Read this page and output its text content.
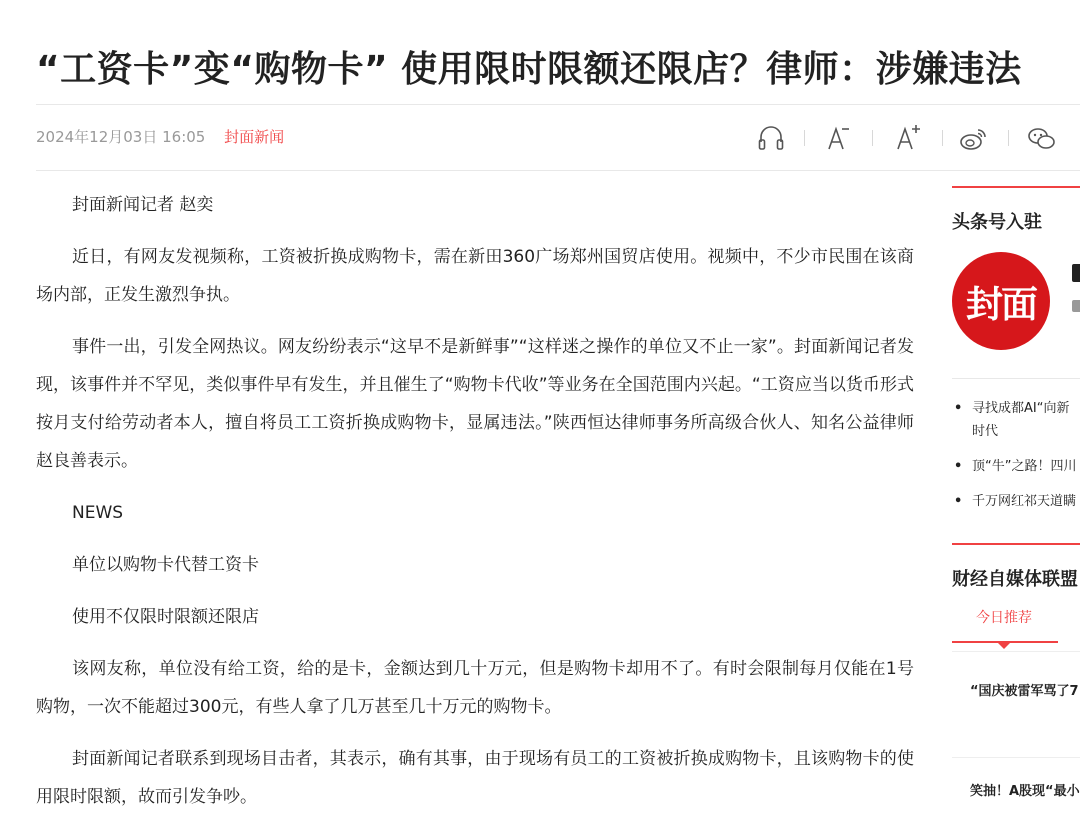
“工资卡”变“购物卡” 使用限时限额还限店？律师：涉嫌违法
2024年12月03日 16:05 封面新闻

封面新闻记者 赵奕

近日，有网友发视频称，工资被折换成购物卡，需在新田360广场郑州国贸店使用。视频中，不少市民围在该商场内部，正发生激烈争执。

事件一出，引发全网热议。网友纷纷表示“这早不是新鲜事”“这样迷之操作的单位又不止一家”。封面新闻记者发现，该事件并不罕见，类似事件早有发生，并且催生了“购物卡代收”等业务在全国范围内兴起。“工资应当以货币形式按月支付给劳动者本人，擅自将员工工资折换成购物卡，显属违法。”陕西恒达律师事务所高级合伙人、知名公益律师赵良善表示。

NEWS

单位以购物卡代替工资卡

使用不仅限时限额还限店

该网友称，单位没有给工资，给的是卡，金额达到几十万元，但是购物卡却用不了。有时会限制每月仅能在1号购物，一次不能超过300元，有些人拿了几万甚至几十万元的购物卡。

封面新闻记者联系到现场目击者，其表示，确有其事，由于现场有员工的工资被折换成购物卡，且该购物卡的使用限时限额，故而引发争吵。

头条号入驻
封面
• 寻找成都AI“向新
时代
• 顶“牛”之路！四川
• 千万网红祁天道瞒
财经自媒体联盟
今日推荐
“国庆被雷军骂了7
笑抽！A股现“最小
